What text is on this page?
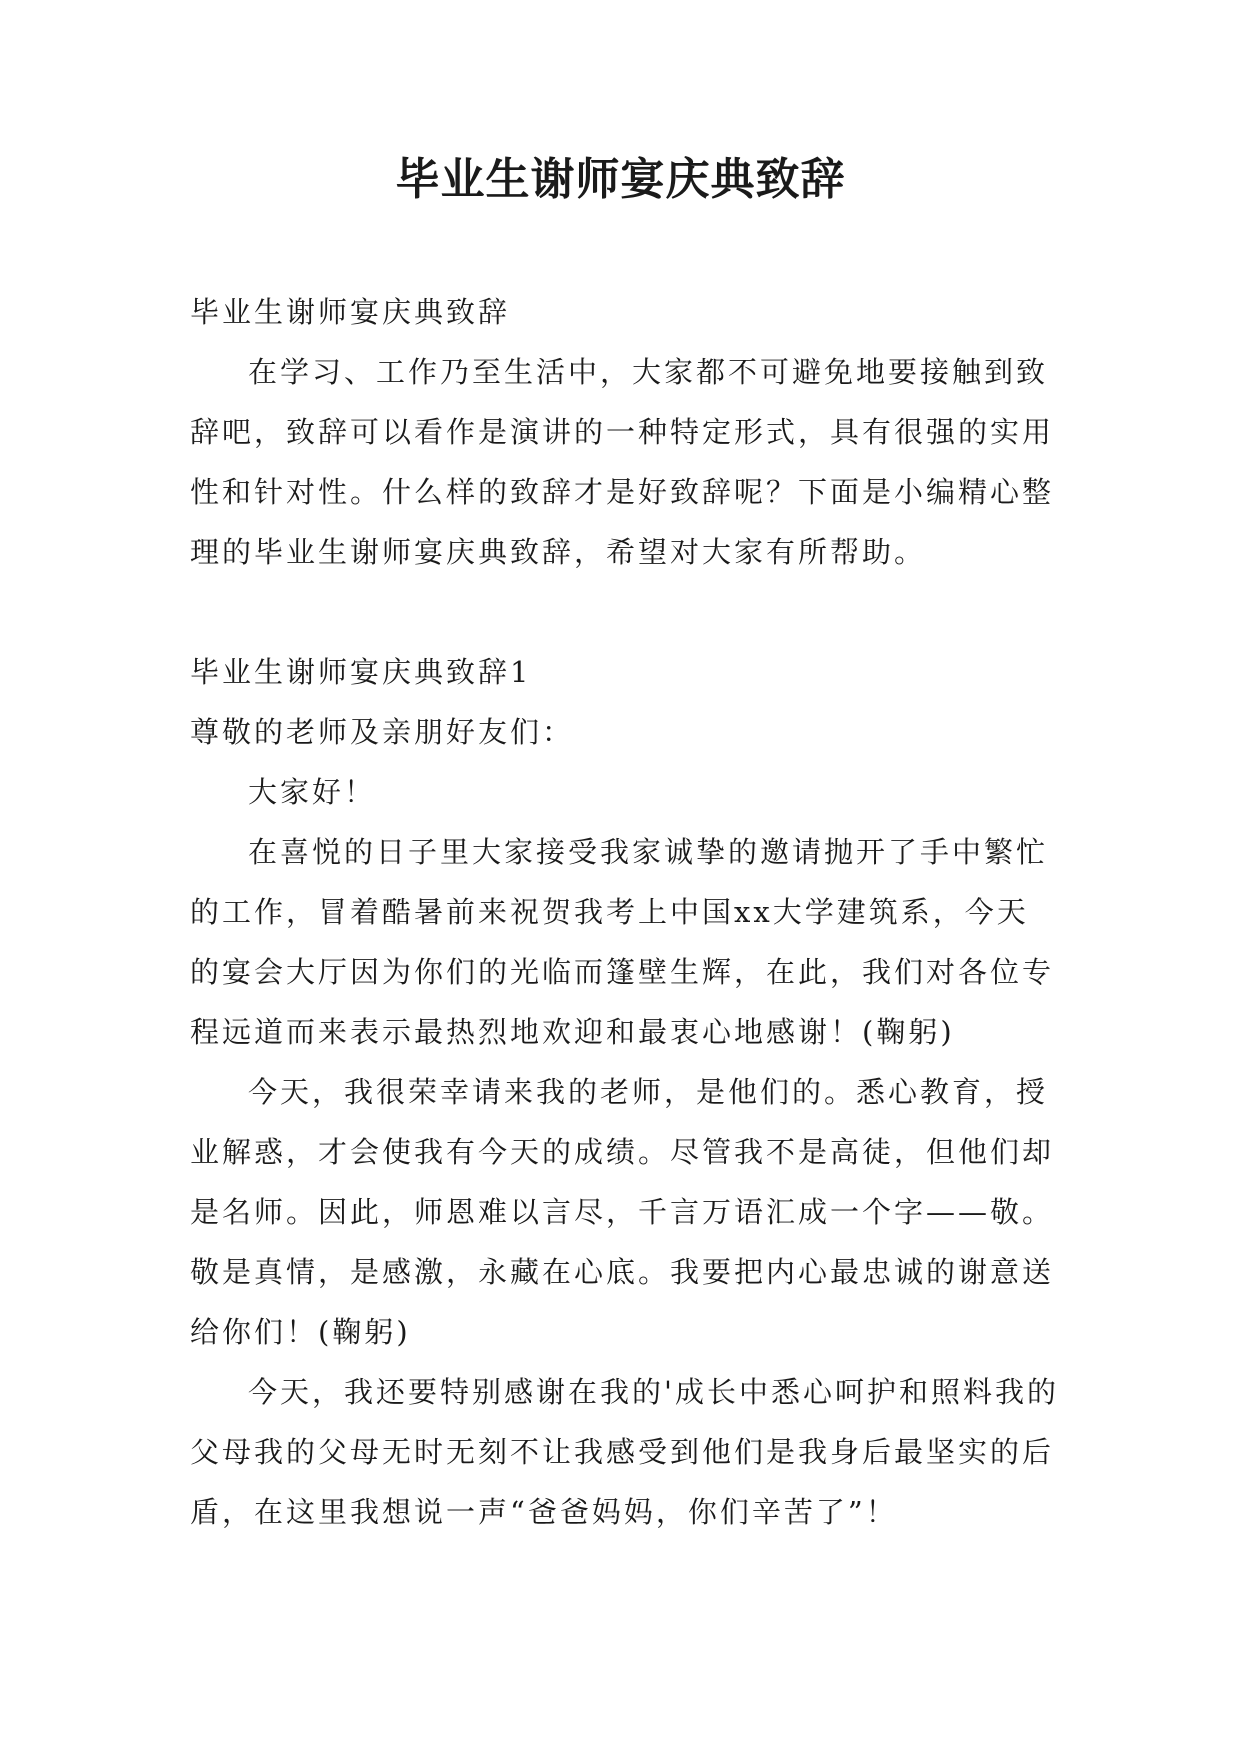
毕业生谢师宴庆典致辞

毕业生谢师宴庆典致辞

在学习、工作乃至生活中，大家都不可避免地要接触到致辞吧，致辞可以看作是演讲的一种特定形式，具有很强的实用性和针对性。什么样的致辞才是好致辞呢？下面是小编精心整理的毕业生谢师宴庆典致辞，希望对大家有所帮助。

毕业生谢师宴庆典致辞1

尊敬的老师及亲朋好友们：

大家好！

在喜悦的日子里大家接受我家诚挚的邀请抛开了手中繁忙的工作，冒着酷暑前来祝贺我考上中国xx大学建筑系，今天的宴会大厅因为你们的光临而篷壁生辉，在此，我们对各位专程远道而来表示最热烈地欢迎和最衷心地感谢！(鞠躬)

今天，我很荣幸请来我的老师，是他们的。悉心教育，授业解惑，才会使我有今天的成绩。尽管我不是高徒，但他们却是名师。因此，师恩难以言尽，千言万语汇成一个字——敬。敬是真情，是感激，永藏在心底。我要把内心最忠诚的谢意送给你们！(鞠躬)

今天，我还要特别感谢在我的'成长中悉心呵护和照料我的父母我的父母无时无刻不让我感受到他们是我身后最坚实的后盾，在这里我想说一声“爸爸妈妈，你们辛苦了”！
